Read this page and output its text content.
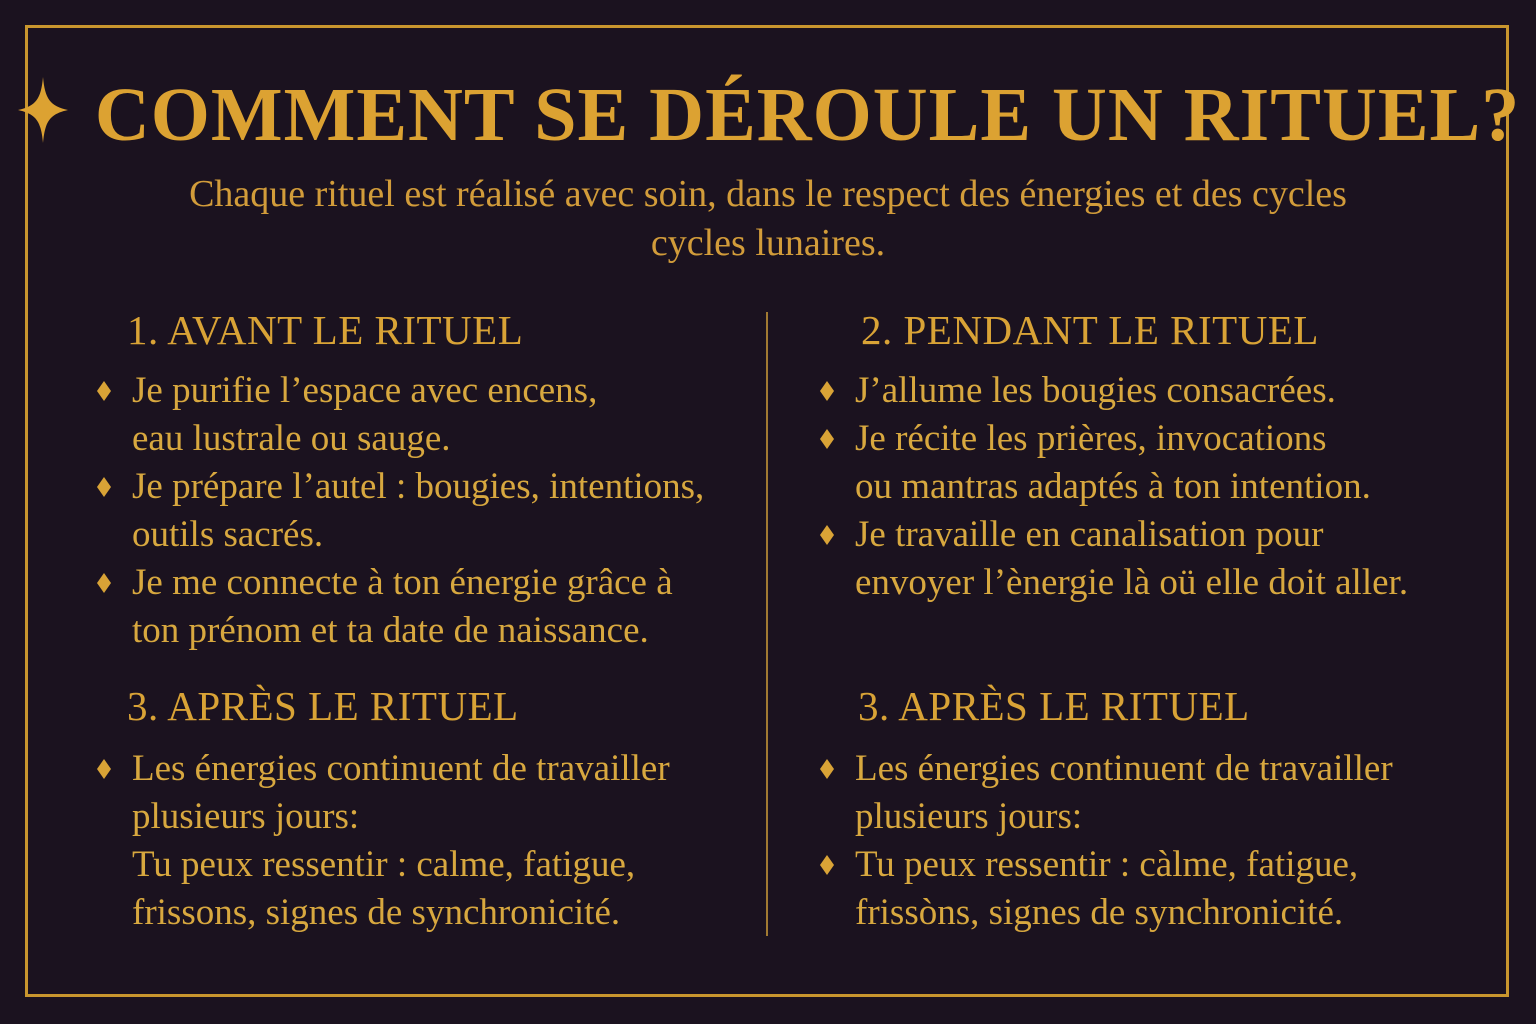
COMMENT SE DÉROULE UN RITUEL?
Chaque rituel est réalisé avec soin, dans le respect des énergies et des cycles
cycles lunaires.
1. AVANT LE RITUEL
Je purifie l’espace avec encens,
eau lustrale ou sauge.
Je prépare l’autel : bougies, intentions,
outils sacrés.
Je me connecte à ton énergie grâce à
ton prénom et ta date de naissance.
2. PENDANT LE RITUEL
J’allume les bougies consacrées.
Je récite les prières, invocations
ou mantras adaptés à ton intention.
Je travaille en canalisation pour
envoyer l’ènergie là oü elle doit aller.
3. APRÈS LE RITUEL
Les énergies continuent de travailler
plusieurs jours:
Tu peux ressentir : calme, fatigue,
frissons, signes de synchronicité.
3. APRÈS LE RITUEL
Les énergies continuent de travailler
plusieurs jours:
Tu peux ressentir : càlme, fatigue,
frissòns, signes de synchronicité.
